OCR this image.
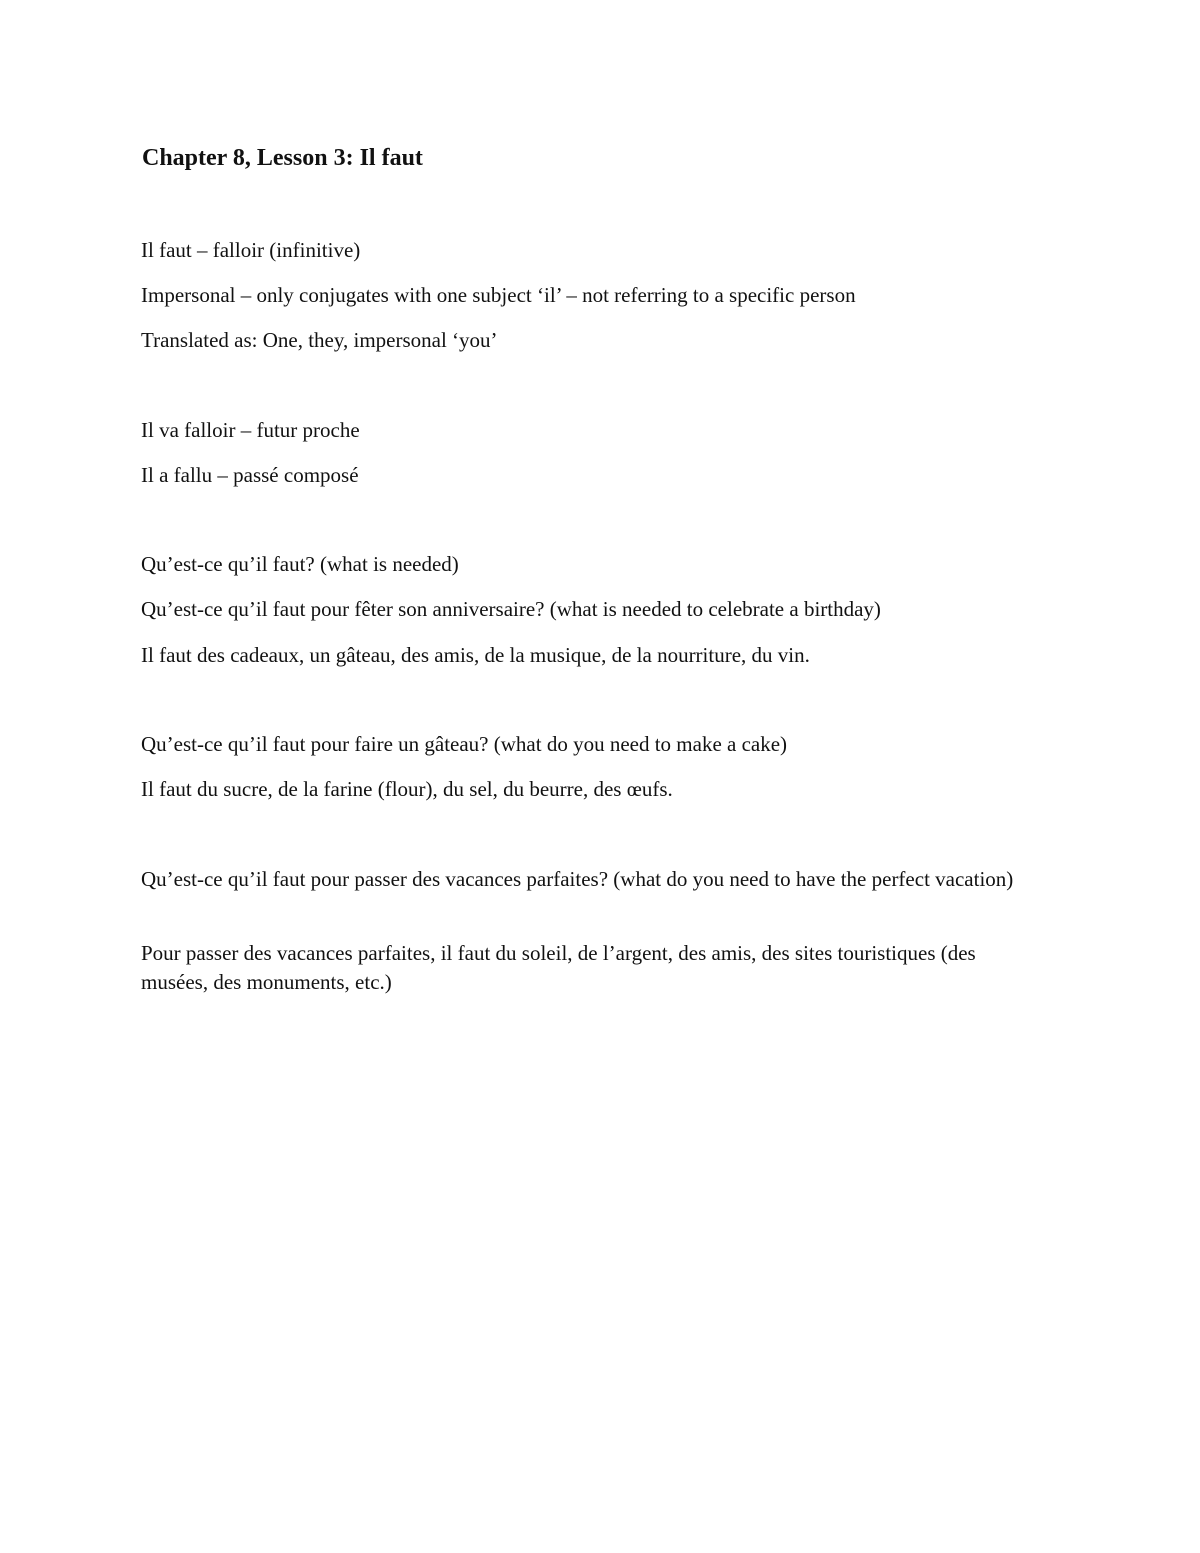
Chapter 8, Lesson 3: Il faut

Il faut – falloir (infinitive)

Impersonal – only conjugates with one subject ‘il’ – not referring to a specific person

Translated as: One, they, impersonal ‘you’

Il va falloir – futur proche

Il a fallu – passé composé

Qu’est-ce qu’il faut? (what is needed)

Qu’est-ce qu’il faut pour fêter son anniversaire? (what is needed to celebrate a birthday)

Il faut des cadeaux, un gâteau, des amis, de la musique, de la nourriture, du vin.

Qu’est-ce qu’il faut pour faire un gâteau? (what do you need to make a cake)

Il faut du sucre, de la farine (flour), du sel, du beurre, des œufs.

Qu’est-ce qu’il faut pour passer des vacances parfaites? (what do you need to have the perfect vacation)

Pour passer des vacances parfaites, il faut du soleil, de l’argent, des amis, des sites touristiques (des musées, des monuments, etc.)
